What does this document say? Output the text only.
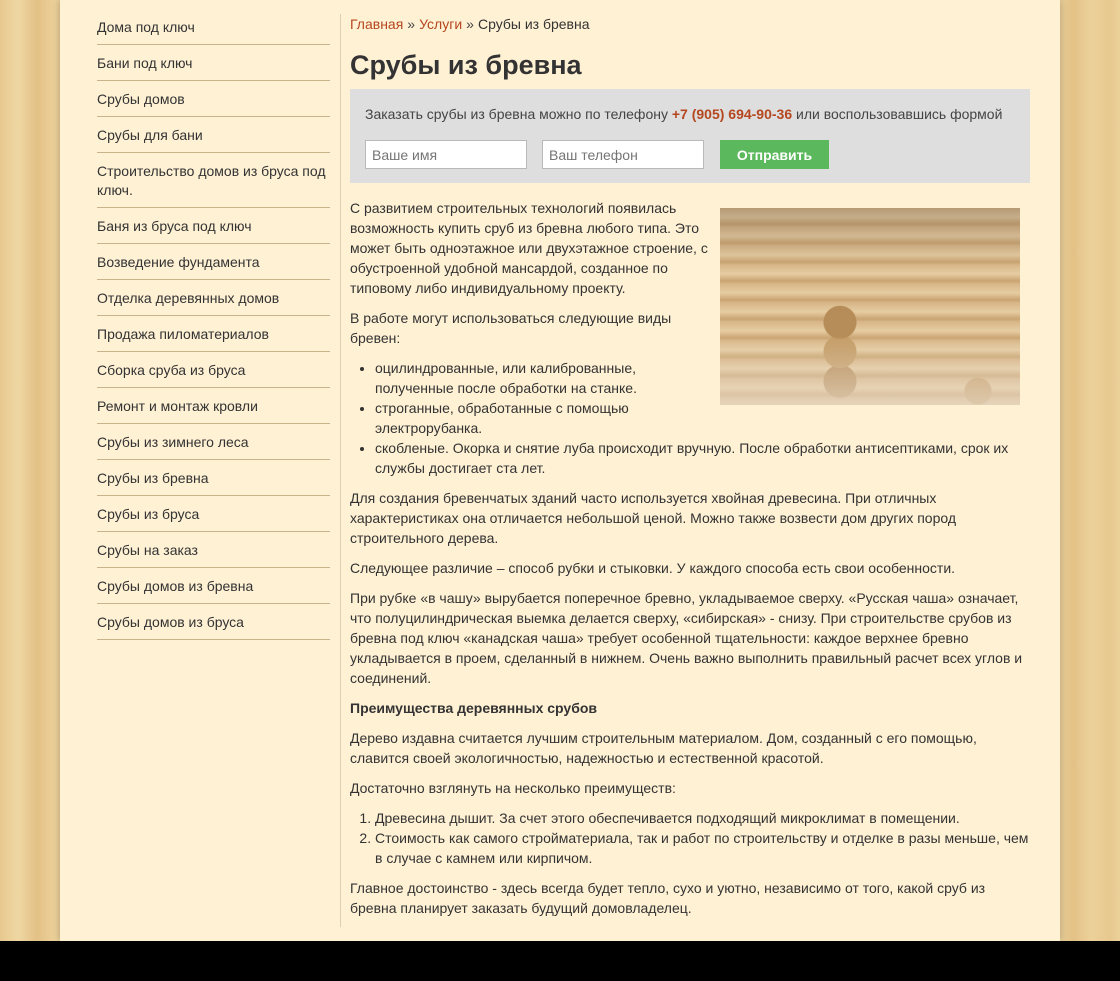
Дома под ключ
Бани под ключ
Срубы домов
Срубы для бани
Строительство домов из бруса под ключ.
Баня из бруса под ключ
Возведение фундамента
Отделка деревянных домов
Продажа пиломатериалов
Сборка сруба из бруса
Ремонт и монтаж кровли
Срубы из зимнего леса
Срубы из бревна
Срубы из бруса
Срубы на заказ
Срубы домов из бревна
Срубы домов из бруса
Главная » Услуги » Срубы из бревна
Срубы из бревна
Заказать срубы из бревна можно по телефону +7 (905) 694-90-36 или воспользовавшись формой
Ваше имя
Ваш телефон
Отправить

С развитием строительных технологий появилась возможность купить сруб из бревна любого типа. Это может быть одноэтажное или двухэтажное строение, с обустроенной удобной мансардой, созданное по типовому либо индивидуальному проекту.

В работе могут использоваться следующие виды бревен:

• оцилиндрованные, или калиброванные, полученные после обработки на станке.
• строганные, обработанные с помощью электрорубанка.
• скобленые. Окорка и снятие луба происходит вручную. После обработки антисептиками, срок их службы достигает ста лет.

Для создания бревенчатых зданий часто используется хвойная древесина. При отличных характеристиках она отличается небольшой ценой. Можно также возвести дом других пород строительного дерева.

Следующее различие – способ рубки и стыковки. У каждого способа есть свои особенности.

При рубке «в чашу» вырубается поперечное бревно, укладываемое сверху. «Русская чаша» означает, что полуцилиндрическая выемка делается сверху, «сибирская» - снизу. При строительстве срубов из бревна под ключ «канадская чаша» требует особенной тщательности: каждое верхнее бревно укладывается в проем, сделанный в нижнем. Очень важно выполнить правильный расчет всех углов и соединений.

Преимущества деревянных срубов

Дерево издавна считается лучшим строительным материалом. Дом, созданный с его помощью, славится своей экологичностью, надежностью и естественной красотой.

Достаточно взглянуть на несколько преимуществ:

1. Древесина дышит. За счет этого обеспечивается подходящий микроклимат в помещении.
2. Стоимость как самого стройматериала, так и работ по строительству и отделке в разы меньше, чем в случае с камнем или кирпичом.

Главное достоинство - здесь всегда будет тепло, сухо и уютно, независимо от того, какой сруб из бревна планирует заказать будущий домовладелец.
